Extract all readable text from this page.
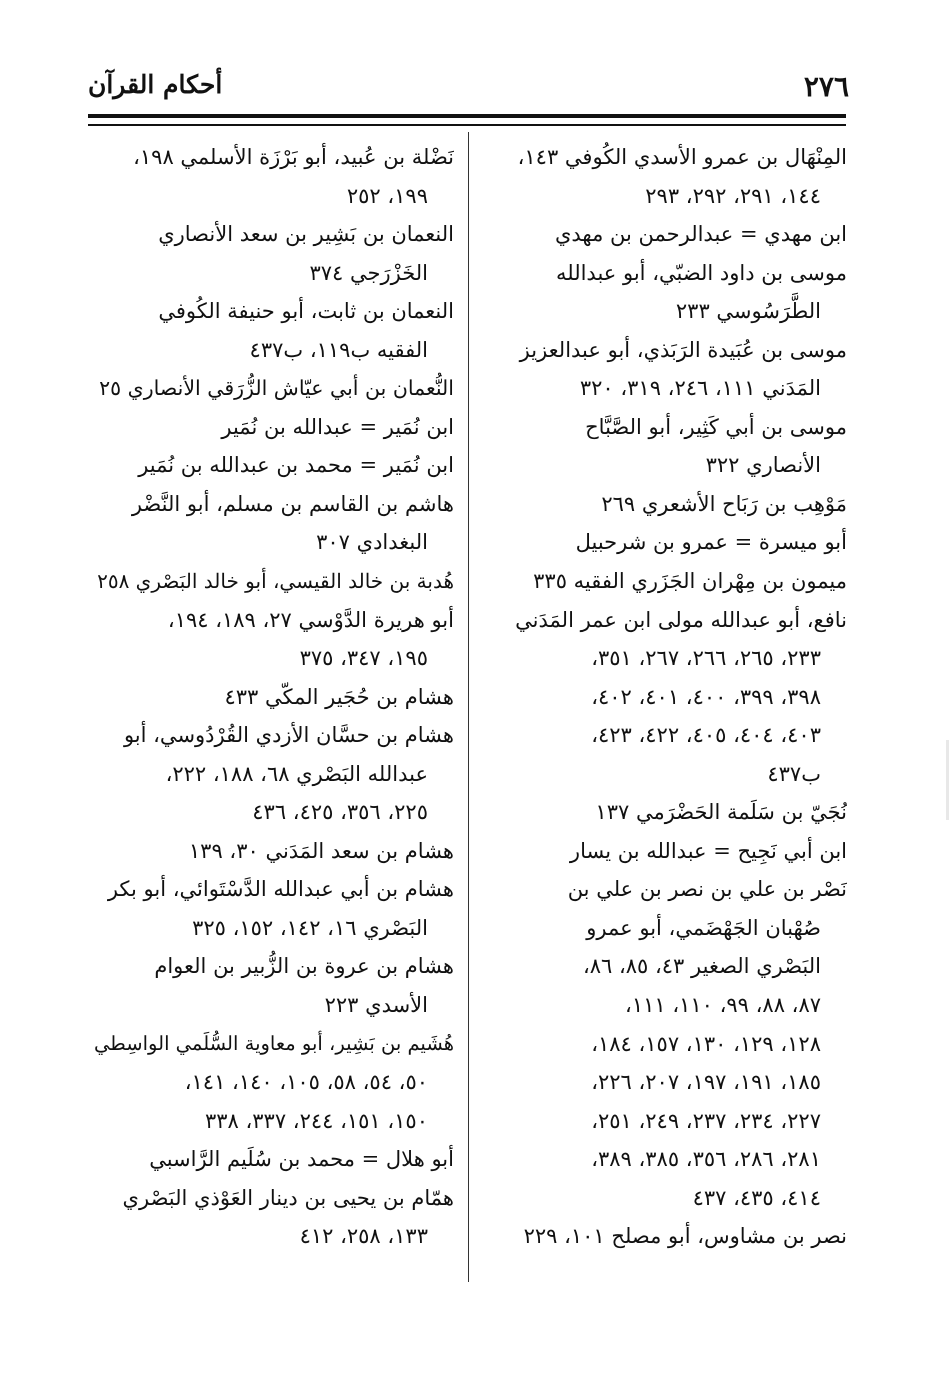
٢٧٦
أحكام القرآن
المِنْهَال بن عمرو الأسدي الكُوفي ١٤٣،
١٤٤، ٢٩١، ٢٩٢، ٢٩٣
ابن مهدي = عبدالرحمن بن مهدي
موسى بن داود الضبّي، أبو عبدالله
الطَّرَسُوسي ٢٣٣
موسى بن عُبَيدة الرَبَذي، أبو عبدالعزيز
المَدَني ١١١، ٢٤٦، ٣١٩، ٣٢٠
موسى بن أبي كَثِير، أبو الصَّبَّاح
الأنصاري ٣٢٢
مَوْهِب بن رَبَاح الأشعري ٢٦٩
أبو ميسرة = عمرو بن شرحبيل
ميمون بن مِهْران الجَزَري الفقيه ٣٣٥
نافع، أبو عبدالله مولى ابن عمر المَدَني
٢٣٣، ٢٦٥، ٢٦٦، ٢٦٧، ٣٥١،
٣٩٨، ٣٩٩، ٤٠٠، ٤٠١، ٤٠٢،
٤٠٣، ٤٠٤، ٤٠٥، ٤٢٢، ٤٢٣،
ب٤٣٧
نُجَيّ بن سَلَمة الحَضْرَمي ١٣٧
ابن أبي نَجِيح = عبدالله بن يسار
نَصْر بن علي بن نصر بن علي بن
صُهْبان الجَهْضَمي، أبو عمرو
البَصْري الصغير ٤٣، ٨٥، ٨٦،
٨٧، ٨٨، ٩٩، ١١٠، ١١١،
١٢٨، ١٢٩، ١٣٠، ١٥٧، ١٨٤،
١٨٥، ١٩١، ١٩٧، ٢٠٧، ٢٢٦،
٢٢٧، ٢٣٤، ٢٣٧، ٢٤٩، ٢٥١،
٢٨١، ٢٨٦، ٣٥٦، ٣٨٥، ٣٨٩،
٤١٤، ٤٣٥، ٤٣٧
نصر بن مشاوس، أبو مصلح ١٠١، ٢٢٩
نَضْلة بن عُبيد، أبو بَرْزَة الأسلمي ١٩٨،
١٩٩، ٢٥٢
النعمان بن بَشِير بن سعد الأنصاري
الخَزْرَجي ٣٧٤
النعمان بن ثابت، أبو حنيفة الكُوفي
الفقيه ب١١٩، ب٤٣٧
النُّعمان بن أبي عيّاش الزُّرَقي الأنصاري ٢٥
ابن نُمَير = عبدالله بن نُمَير
ابن نُمَير = محمد بن عبدالله بن نُمَير
هاشم بن القاسم بن مسلم، أبو النَّضْر
البغدادي ٣٠٧
هُدبة بن خالد القيسي، أبو خالد البَصْري ٢٥٨
أبو هريرة الدَّوْسي ٢٧، ١٨٩، ١٩٤،
١٩٥، ٣٤٧، ٣٧٥
هشام بن حُجَير المكّي ٤٣٣
هشام بن حسَّان الأزدي القُرْدُوسي، أبو
عبدالله البَصْري ٦٨، ١٨٨، ٢٢٢،
٢٢٥، ٣٥٦، ٤٢٥، ٤٣٦
هشام بن سعد المَدَني ٣٠، ١٣٩
هشام بن أبي عبدالله الدَّسْتَوائي، أبو بكر
البَصْري ١٦، ١٤٢، ١٥٢، ٣٢٥
هشام بن عروة بن الزُّبير بن العوام
الأسدي ٢٢٣
هُشَيم بن بَشِير، أبو معاوية السُّلَمي الواسِطي
٥٠، ٥٤، ٥٨، ١٠٥، ١٤٠، ١٤١،
١٥٠، ١٥١، ٢٤٤، ٣٣٧، ٣٣٨
أبو هلال = محمد بن سُلَيم الرَّاسبي
همّام بن يحيى بن دينار العَوْذي البَصْري
١٣٣، ٢٥٨، ٤١٢
